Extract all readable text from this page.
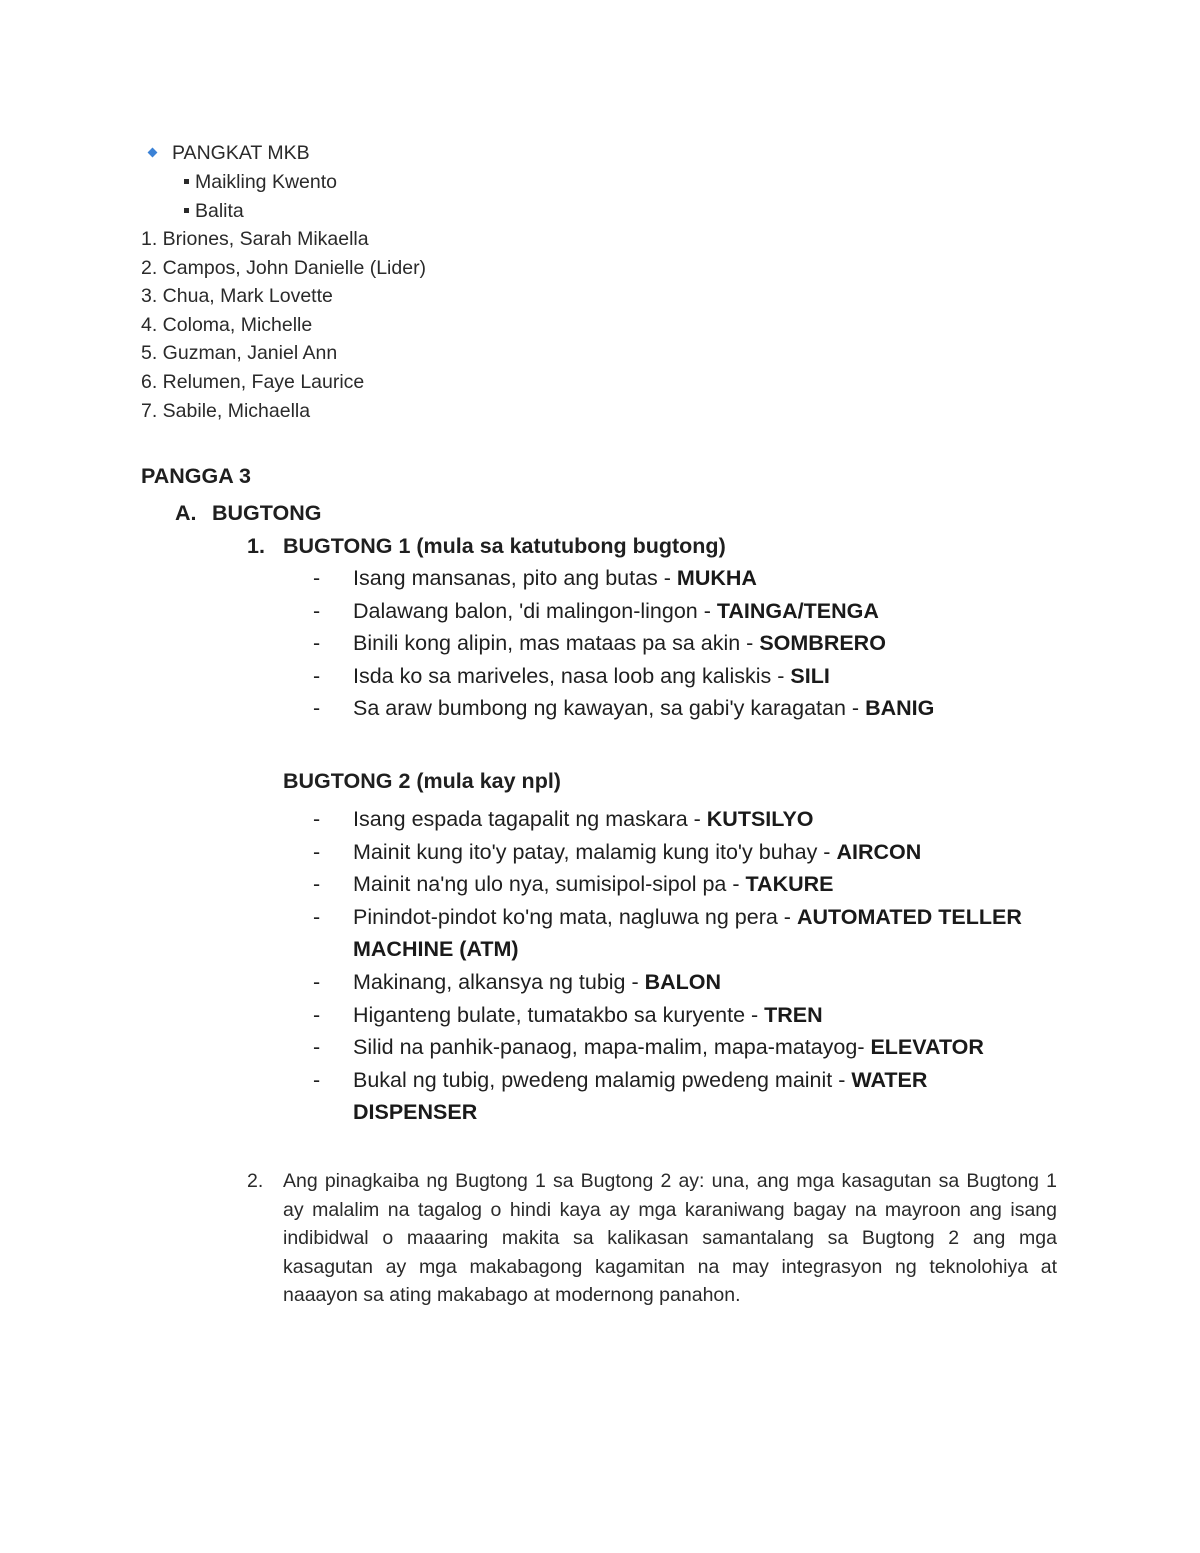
PANGKAT MKB
Maikling Kwento
Balita
1. Briones, Sarah Mikaella
2. Campos, John Danielle (Lider)
3. Chua, Mark Lovette
4. Coloma, Michelle
5. Guzman, Janiel Ann
6. Relumen, Faye Laurice
7. Sabile, Michaella
PANGGA 3
A. BUGTONG
1. BUGTONG 1 (mula sa katutubong bugtong)
- Isang mansanas, pito ang butas - MUKHA
- Dalawang balon, 'di malingon-lingon - TAINGA/TENGA
- Binili kong alipin, mas mataas pa sa akin - SOMBRERO
- Isda ko sa mariveles, nasa loob ang kaliskis - SILI
- Sa araw bumbong ng kawayan, sa gabi'y karagatan - BANIG
BUGTONG 2 (mula kay npl)
- Isang espada tagapalit ng maskara - KUTSILYO
- Mainit kung ito'y patay, malamig kung ito'y buhay - AIRCON
- Mainit na'ng ulo nya, sumisipol-sipol pa - TAKURE
- Pinindot-pindot ko'ng mata, nagluwa ng pera - AUTOMATED TELLER MACHINE (ATM)
- Makinang, alkansya ng tubig - BALON
- Higanteng bulate, tumatakbo sa kuryente - TREN
- Silid na panhik-panaog, mapa-malim, mapa-matayog- ELEVATOR
- Bukal ng tubig, pwedeng malamig pwedeng mainit - WATER DISPENSER
2. Ang pinagkaiba ng Bugtong 1 sa Bugtong 2 ay: una, ang mga kasagutan sa Bugtong 1 ay malalim na tagalog o hindi kaya ay mga karaniwang bagay na mayroon ang isang indibidwal o maaaring makita sa kalikasan samantalang sa Bugtong 2 ang mga kasagutan ay mga makabagong kagamitan na may integrasyon ng teknolohiya at naaayon sa ating makabago at modernong panahon.
